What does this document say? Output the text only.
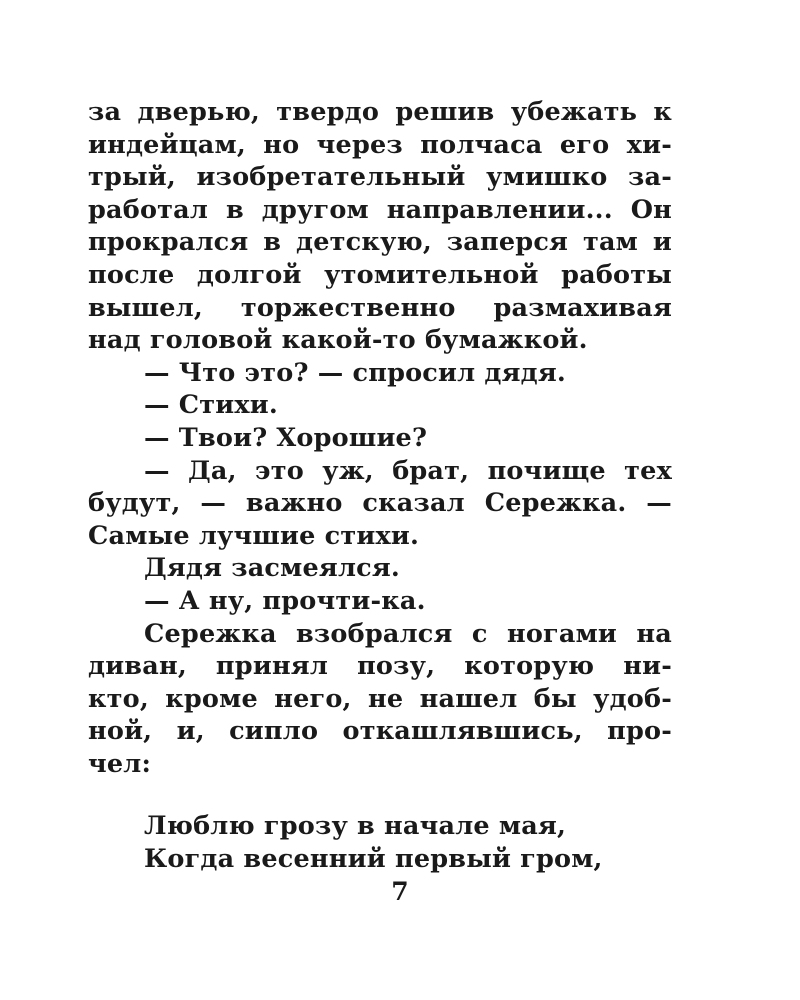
за дверью, твердо решив убежать к
индейцам, но через полчаса его хи-
трый, изобретательный умишко за-
работал в другом направлении... Он
прокрался в детскую, заперся там и
после долгой утомительной работы
вышел, торжественно размахивая
над головой какой-то бумажкой.
— Что это? — спросил дядя.
— Стихи.
— Твои? Хорошие?
— Да, это уж, брат, почище тех
будут, — важно сказал Сережка. —
Самые лучшие стихи.
Дядя засмеялся.
— А ну, прочти-ка.
Сережка взобрался с ногами на
диван, принял позу, которую ни-
кто, кроме него, не нашел бы удоб-
ной, и, сипло откашлявшись, про-
чел:
Люблю грозу в начале мая,
Когда весенний первый гром,
7
